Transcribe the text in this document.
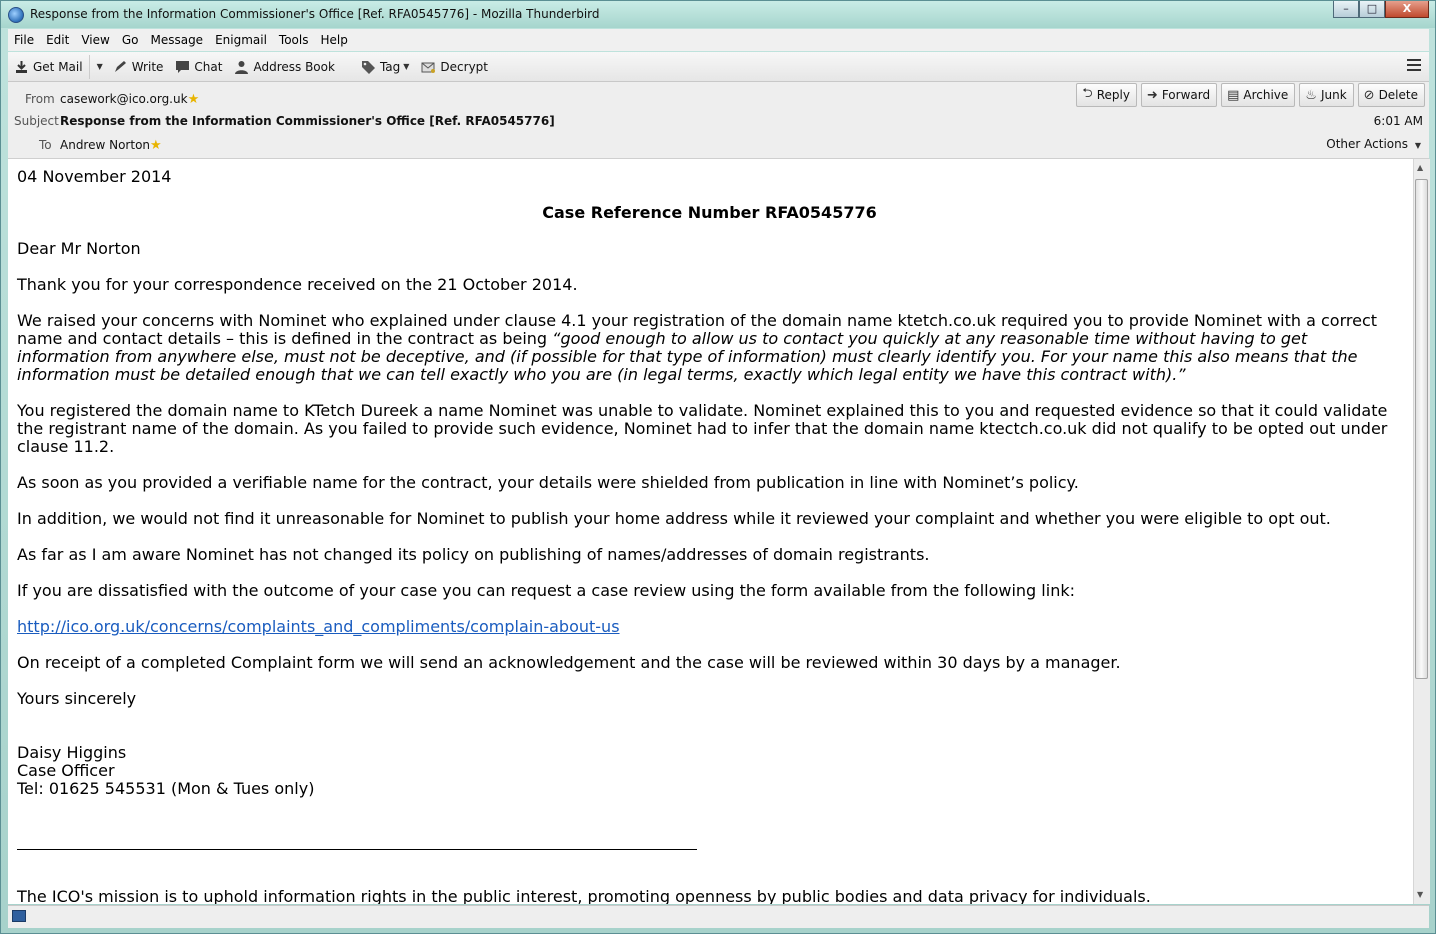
Response from the Information Commissioner's Office [Ref. RFA0545776] - Mozilla Thunderbird	–	□	X
File	Edit	View	Go	Message	Enigmail	Tools	Help
Get Mail ▼ Write	Chat	Address Book	Tag ▼	Decrypt
From casework@ico.org.uk★
Subject Response from the Information Commissioner's Office [Ref. RFA0545776]
To Andrew Norton★
6:01 AM
Other Actions ▼
⮌ Reply ➜ Forward ▤ Archive ♨ Junk ⊘ Delete

04 November 2014

Case Reference Number RFA0545776

Dear Mr Norton

Thank you for your correspondence received on the 21 October 2014.

We raised your concerns with Nominet who explained under clause 4.1 your registration of the domain name ktetch.co.uk required you to provide Nominet with a correct name and contact details – this is defined in the contract as being “good enough to allow us to contact you quickly at any reasonable time without having to get information from anywhere else, must not be deceptive, and (if possible for that type of information) must clearly identify you. For your name this also means that the information must be detailed enough that we can tell exactly who you are (in legal terms, exactly which legal entity we have this contract with).”

You registered the domain name to KTetch Dureek a name Nominet was unable to validate. Nominet explained this to you and requested evidence so that it could validate the registrant name of the domain. As you failed to provide such evidence, Nominet had to infer that the domain name ktectch.co.uk did not qualify to be opted out under clause 11.2.

As soon as you provided a verifiable name for the contract, your details were shielded from publication in line with Nominet’s policy.

In addition, we would not find it unreasonable for Nominet to publish your home address while it reviewed your complaint and whether you were eligible to opt out.

As far as I am aware Nominet has not changed its policy on publishing of names/addresses of domain registrants.

If you are dissatisfied with the outcome of your case you can request a case review using the form available from the following link:

http://ico.org.uk/concerns/complaints_and_compliments/complain-about-us

On receipt of a completed Complaint form we will send an acknowledgement and the case will be reviewed within 30 days by a manager.

Yours sincerely

Daisy Higgins

Case Officer

Tel: 01625 545531 (Mon & Tues only)

The ICO's mission is to uphold information rights in the public interest, promoting openness by public bodies and data privacy for individuals.

▲
▼
